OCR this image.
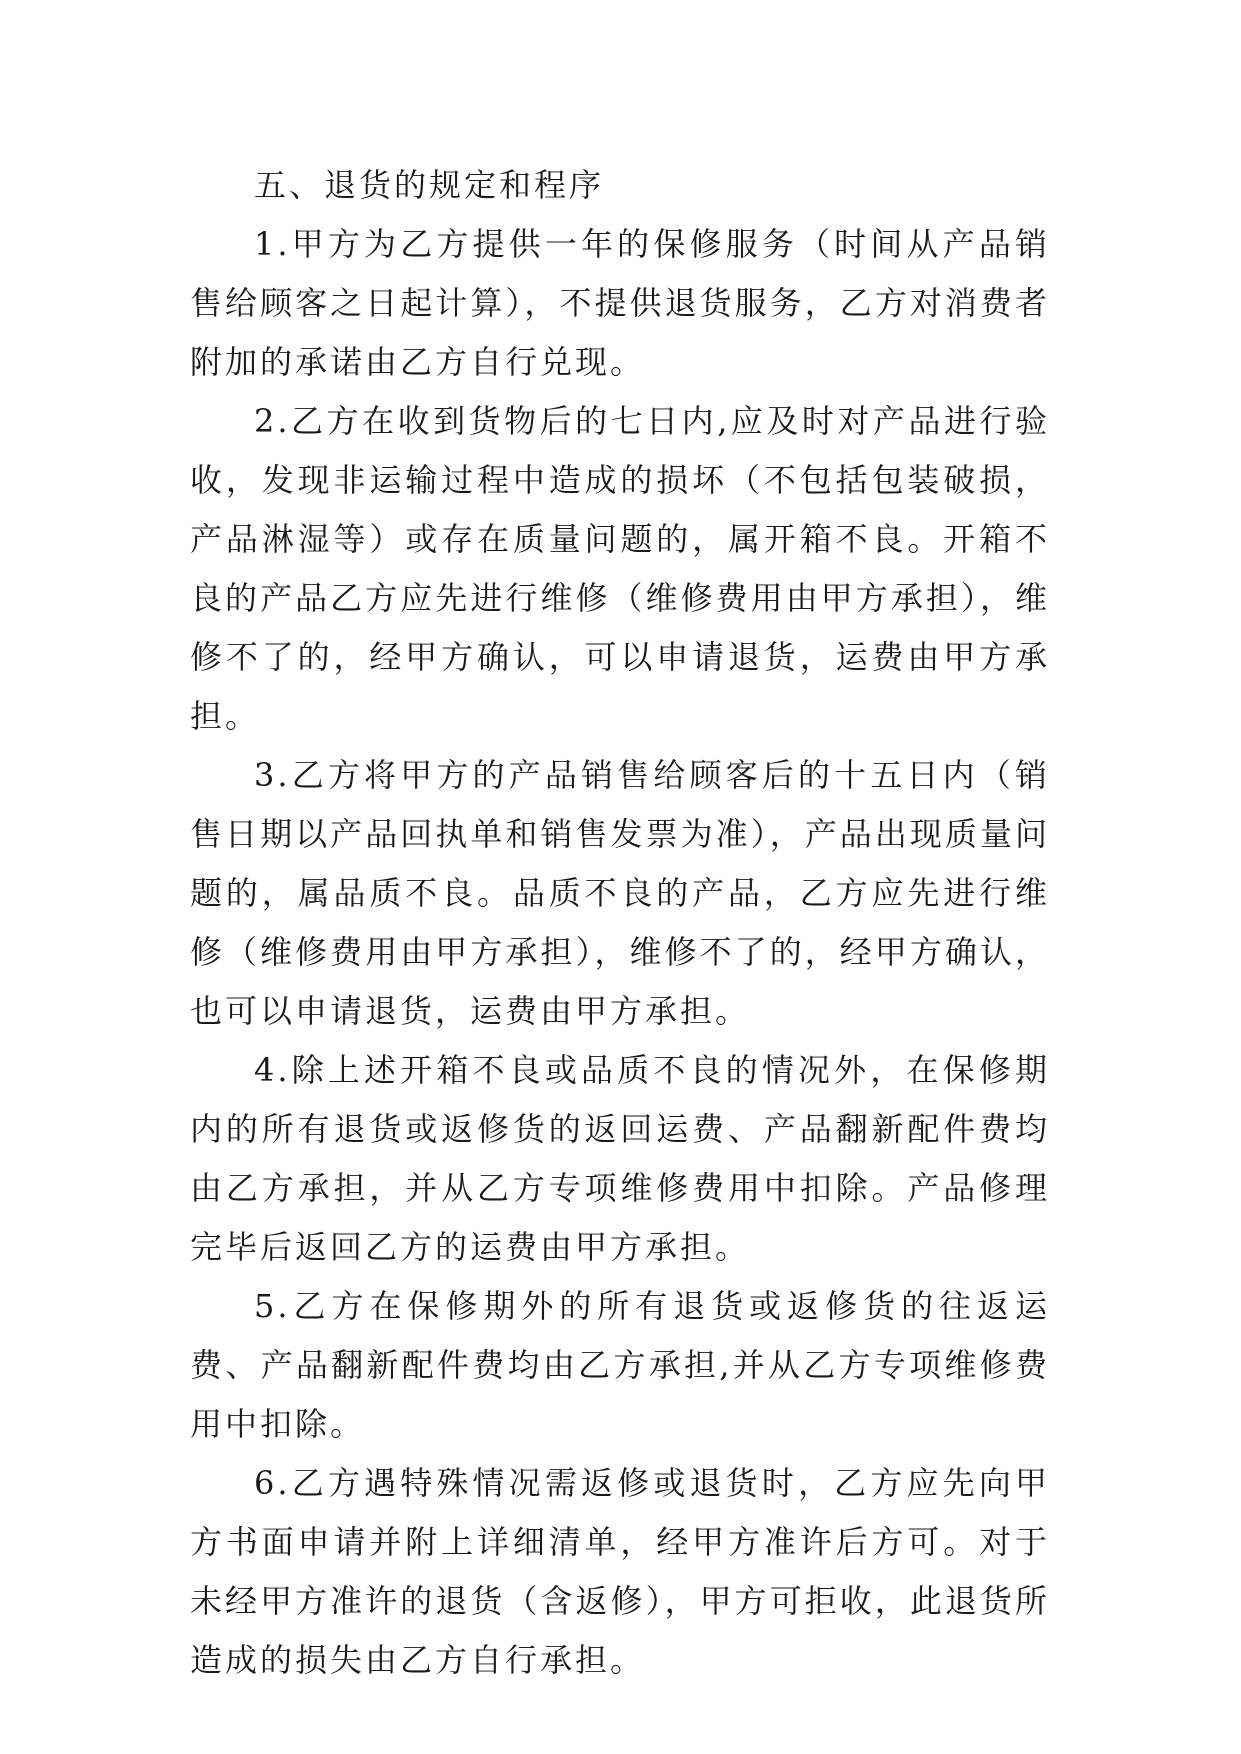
五、退货的规定和程序

1.甲方为乙方提供一年的保修服务（时间从产品销售给顾客之日起计算），不提供退货服务，乙方对消费者附加的承诺由乙方自行兑现。

2.乙方在收到货物后的七日内,应及时对产品进行验收，发现非运输过程中造成的损坏（不包括包装破损，产品淋湿等）或存在质量问题的，属开箱不良。开箱不良的产品乙方应先进行维修（维修费用由甲方承担），维修不了的，经甲方确认，可以申请退货，运费由甲方承担。

3.乙方将甲方的产品销售给顾客后的十五日内（销售日期以产品回执单和销售发票为准），产品出现质量问题的，属品质不良。品质不良的产品，乙方应先进行维修（维修费用由甲方承担），维修不了的，经甲方确认，也可以申请退货，运费由甲方承担。

4.除上述开箱不良或品质不良的情况外，在保修期内的所有退货或返修货的返回运费、产品翻新配件费均由乙方承担，并从乙方专项维修费用中扣除。产品修理完毕后返回乙方的运费由甲方承担。

5.乙方在保修期外的所有退货或返修货的往返运费、产品翻新配件费均由乙方承担,并从乙方专项维修费用中扣除。

6.乙方遇特殊情况需返修或退货时，乙方应先向甲方书面申请并附上详细清单，经甲方准许后方可。对于未经甲方准许的退货（含返修），甲方可拒收，此退货所造成的损失由乙方自行承担。
